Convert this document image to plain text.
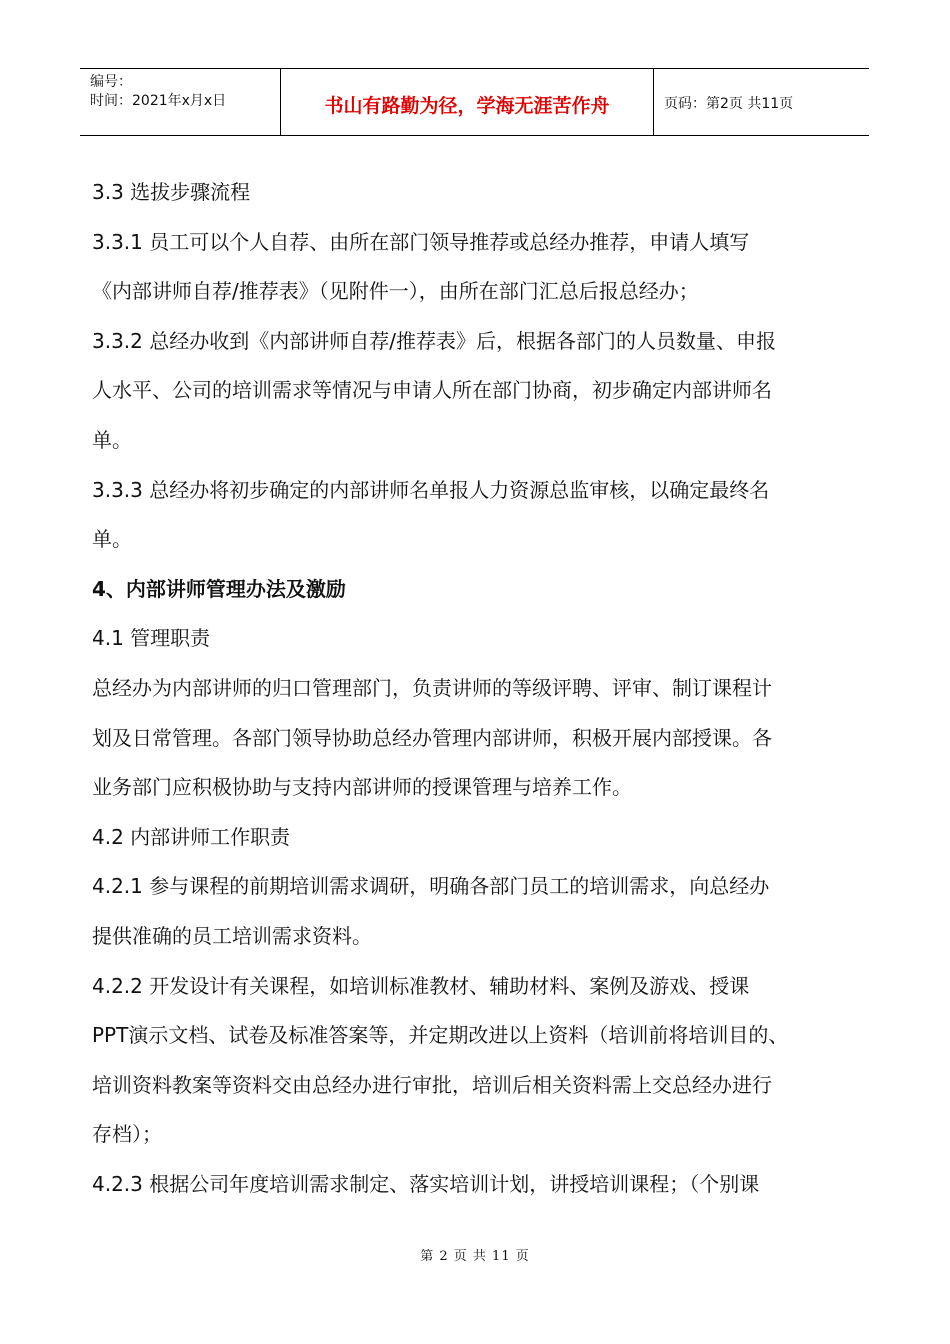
编号：
时间：2021年x月x日	书山有路勤为径，学海无涯苦作舟	页码：第2页 共11页
3.3 选拔步骤流程
3.3.1 员工可以个人自荐、由所在部门领导推荐或总经办推荐，申请人填写
《内部讲师自荐/推荐表》（见附件一），由所在部门汇总后报总经办；
3.3.2 总经办收到《内部讲师自荐/推荐表》后，根据各部门的人员数量、申报
人水平、公司的培训需求等情况与申请人所在部门协商，初步确定内部讲师名
单。
3.3.3 总经办将初步确定的内部讲师名单报人力资源总监审核，以确定最终名
单。
4、内部讲师管理办法及激励
4.1 管理职责
总经办为内部讲师的归口管理部门，负责讲师的等级评聘、评审、制订课程计
划及日常管理。各部门领导协助总经办管理内部讲师，积极开展内部授课。各
业务部门应积极协助与支持内部讲师的授课管理与培养工作。
4.2 内部讲师工作职责
4.2.1 参与课程的前期培训需求调研，明确各部门员工的培训需求，向总经办
提供准确的员工培训需求资料。
4.2.2 开发设计有关课程，如培训标准教材、辅助材料、案例及游戏、授课
PPT演示文档、试卷及标准答案等，并定期改进以上资料（培训前将培训目的、
培训资料教案等资料交由总经办进行审批，培训后相关资料需上交总经办进行
存档）；
4.2.3 根据公司年度培训需求制定、落实培训计划，讲授培训课程；（个别课
第 2 页 共 11 页
